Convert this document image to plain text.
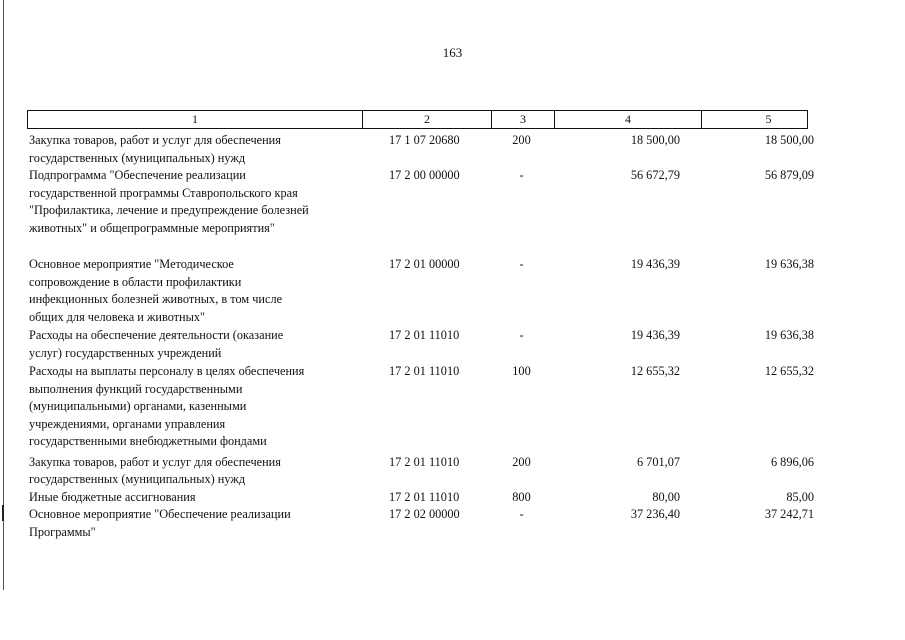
163
1	2	3	4	5
Закупка товаров, работ и услуг для обеспечения
государственных (муниципальных) нужд
17 1 07 20680	200	18 500,00	18 500,00
Подпрограмма "Обеспечение реализации
государственной программы Ставропольского края
"Профилактика, лечение и предупреждение болезней
животных" и общепрограммные мероприятия"
17 2 00 00000	-	56 672,79	56 879,09
Основное мероприятие "Методическое
сопровождение в области профилактики
инфекционных болезней животных, в том числе
общих для человека и животных"
17 2 01 00000	-	19 436,39	19 636,38
Расходы на обеспечение деятельности (оказание
услуг) государственных учреждений
17 2 01 11010	-	19 436,39	19 636,38
Расходы на выплаты персоналу в целях обеспечения
выполнения функций государственными
(муниципальными) органами, казенными
учреждениями, органами управления
государственными внебюджетными фондами
17 2 01 11010	100	12 655,32	12 655,32
Закупка товаров, работ и услуг для обеспечения
государственных (муниципальных) нужд
17 2 01 11010	200	6 701,07	6 896,06
Иные бюджетные ассигнования	17 2 01 11010	800	80,00	85,00
Основное мероприятие "Обеспечение реализации
Программы"
17 2 02 00000	-	37 236,40	37 242,71
